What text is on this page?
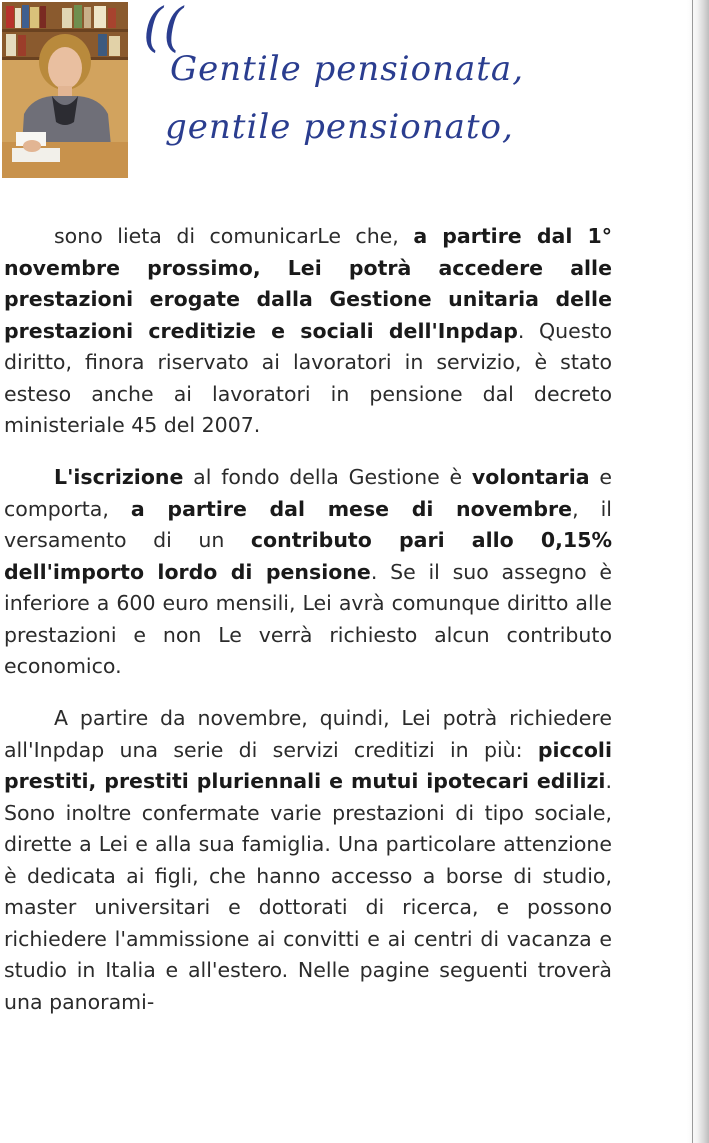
((
Gentile pensionata,
gentile pensionato,

sono lieta di comunicarLe che, a partire dal 1° novembre prossimo, Lei potrà accedere alle prestazioni erogate dalla Gestione unitaria delle prestazioni creditizie e sociali dell'Inpdap. Questo diritto, finora riservato ai lavoratori in servizio, è stato esteso anche ai lavoratori in pensione dal decreto ministeriale 45 del 2007.

L'iscrizione al fondo della Gestione è volontaria e comporta, a partire dal mese di novembre, il versamento di un contributo pari allo 0,15% dell'importo lordo di pensione. Se il suo assegno è inferiore a 600 euro mensili, Lei avrà comunque diritto alle prestazioni e non Le verrà richiesto alcun contributo economico.

A partire da novembre, quindi, Lei potrà richiedere all'Inpdap una serie di servizi creditizi in più: piccoli prestiti, prestiti pluriennali e mutui ipotecari edilizi. Sono inoltre confermate varie prestazioni di tipo sociale, dirette a Lei e alla sua famiglia. Una particolare attenzione è dedicata ai figli, che hanno accesso a borse di studio, master universitari e dottorati di ricerca, e possono richiedere l'ammissione ai convitti e ai centri di vacanza e studio in Italia e all'estero. Nelle pagine seguenti troverà una panorami-
